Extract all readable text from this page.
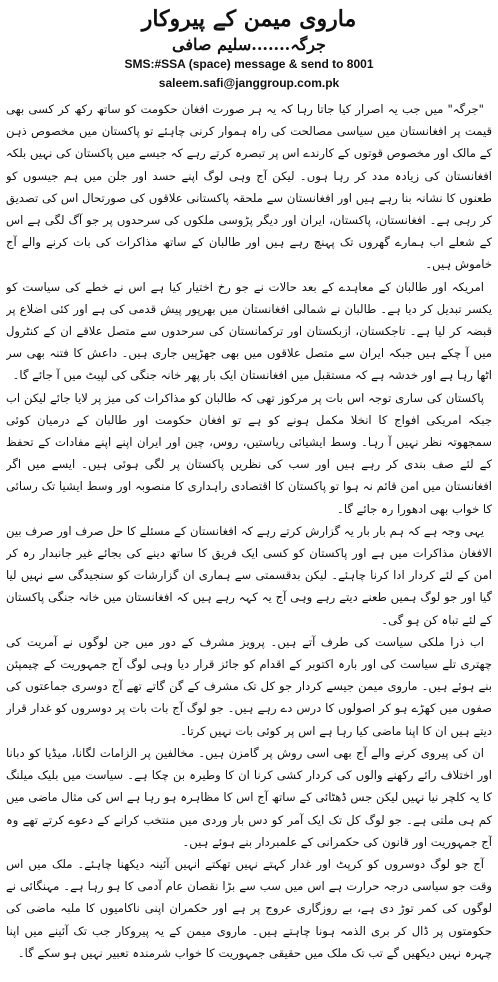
ماروی میمن کے پیروکار

جرگہ.......سلیم صافی

SMS:#SSA (space) message & send to 8001

saleem.safi@janggroup.com.pk

"جرگہ" میں جب یہ اصرار کیا جاتا رہا کہ یہ ہر صورت افغان حکومت کو ساتھ رکھ کر کسی بھی قیمت پر افغانستان میں سیاسی مصالحت کی راہ ہموار کرنی چاہئے تو پاکستان میں مخصوص ذہن کے مالک اور مخصوص قوتوں کے کارندے اس پر تبصرہ کرتے رہے کہ جیسے میں پاکستان کی نہیں بلکہ افغانستان کی زیادہ مدد کر رہا ہوں۔ لیکن آج وہی لوگ اپنے حسد اور جلن میں ہم جیسوں کو طعنوں کا نشانہ بنا رہے ہیں اور افغانستان سے ملحقہ پاکستانی علاقوں کی صورتحال اس کی تصدیق کر رہی ہے۔ افغانستان، پاکستان، ایران اور دیگر پڑوسی ملکوں کی سرحدوں پر جو آگ لگی ہے اس کے شعلے اب ہمارے گھروں تک پہنچ رہے ہیں اور طالبان کے ساتھ مذاکرات کی بات کرنے والے آج خاموش ہیں۔

امریکہ اور طالبان کے معاہدے کے بعد حالات نے جو رخ اختیار کیا ہے اس نے خطے کی سیاست کو یکسر تبدیل کر دیا ہے۔ طالبان نے شمالی افغانستان میں بھرپور پیش قدمی کی ہے اور کئی اضلاع پر قبضہ کر لیا ہے۔ تاجکستان، ازبکستان اور ترکمانستان کی سرحدوں سے متصل علاقے ان کے کنٹرول میں آ چکے ہیں جبکہ ایران سے متصل علاقوں میں بھی جھڑپیں جاری ہیں۔ داعش کا فتنہ بھی سر اٹھا رہا ہے اور خدشہ ہے کہ مستقبل میں افغانستان ایک بار پھر خانہ جنگی کی لپیٹ میں آ جائے گا۔

پاکستان کی ساری توجہ اس بات پر مرکوز تھی کہ طالبان کو مذاکرات کی میز پر لایا جائے لیکن اب جبکہ امریکی افواج کا انخلا مکمل ہونے کو ہے تو افغان حکومت اور طالبان کے درمیان کوئی سمجھوتہ نظر نہیں آ رہا۔ وسط ایشیائی ریاستیں، روس، چین اور ایران اپنے اپنے مفادات کے تحفظ کے لئے صف بندی کر رہے ہیں اور سب کی نظریں پاکستان پر لگی ہوئی ہیں۔ ایسے میں اگر افغانستان میں امن قائم نہ ہوا تو پاکستان کا اقتصادی راہداری کا منصوبہ اور وسط ایشیا تک رسائی کا خواب بھی ادھورا رہ جائے گا۔

یہی وجہ ہے کہ ہم بار بار یہ گزارش کرتے رہے کہ افغانستان کے مسئلے کا حل صرف اور صرف بین الافغان مذاکرات میں ہے اور پاکستان کو کسی ایک فریق کا ساتھ دینے کی بجائے غیر جانبدار رہ کر امن کے لئے کردار ادا کرنا چاہئے۔ لیکن بدقسمتی سے ہماری ان گزارشات کو سنجیدگی سے نہیں لیا گیا اور جو لوگ ہمیں طعنے دیتے رہے وہی آج یہ کہہ رہے ہیں کہ افغانستان میں خانہ جنگی پاکستان کے لئے تباہ کن ہو گی۔

اب ذرا ملکی سیاست کی طرف آتے ہیں۔ پرویز مشرف کے دور میں جن لوگوں نے آمریت کی چھتری تلے سیاست کی اور بارہ اکتوبر کے اقدام کو جائز قرار دیا وہی لوگ آج جمہوریت کے چیمپئن بنے ہوئے ہیں۔ ماروی میمن جیسے کردار جو کل تک مشرف کے گن گاتے تھے آج دوسری جماعتوں کی صفوں میں کھڑے ہو کر اصولوں کا درس دے رہے ہیں۔ جو لوگ آج بات بات پر دوسروں کو غدار قرار دیتے ہیں ان کا اپنا ماضی کیا رہا ہے اس پر کوئی بات نہیں کرتا۔

ان کی پیروی کرنے والے آج بھی اسی روش پر گامزن ہیں۔ مخالفین پر الزامات لگانا، میڈیا کو دبانا اور اختلاف رائے رکھنے والوں کی کردار کشی کرنا ان کا وطیرہ بن چکا ہے۔ سیاست میں بلیک میلنگ کا یہ کلچر نیا نہیں لیکن جس ڈھٹائی کے ساتھ آج اس کا مظاہرہ ہو رہا ہے اس کی مثال ماضی میں کم ہی ملتی ہے۔ جو لوگ کل تک ایک آمر کو دس بار وردی میں منتخب کرانے کے دعوے کرتے تھے وہ آج جمہوریت اور قانون کی حکمرانی کے علمبردار بنے ہوئے ہیں۔

آج جو لوگ دوسروں کو کرپٹ اور غدار کہتے نہیں تھکتے انہیں آئینہ دیکھنا چاہئے۔ ملک میں اس وقت جو سیاسی درجہ حرارت ہے اس میں سب سے بڑا نقصان عام آدمی کا ہو رہا ہے۔ مہنگائی نے لوگوں کی کمر توڑ دی ہے، بے روزگاری عروج پر ہے اور حکمران اپنی ناکامیوں کا ملبہ ماضی کی حکومتوں پر ڈال کر بری الذمہ ہونا چاہتے ہیں۔ ماروی میمن کے یہ پیروکار جب تک آئینے میں اپنا چہرہ نہیں دیکھیں گے تب تک ملک میں حقیقی جمہوریت کا خواب شرمندہ تعبیر نہیں ہو سکے گا۔
